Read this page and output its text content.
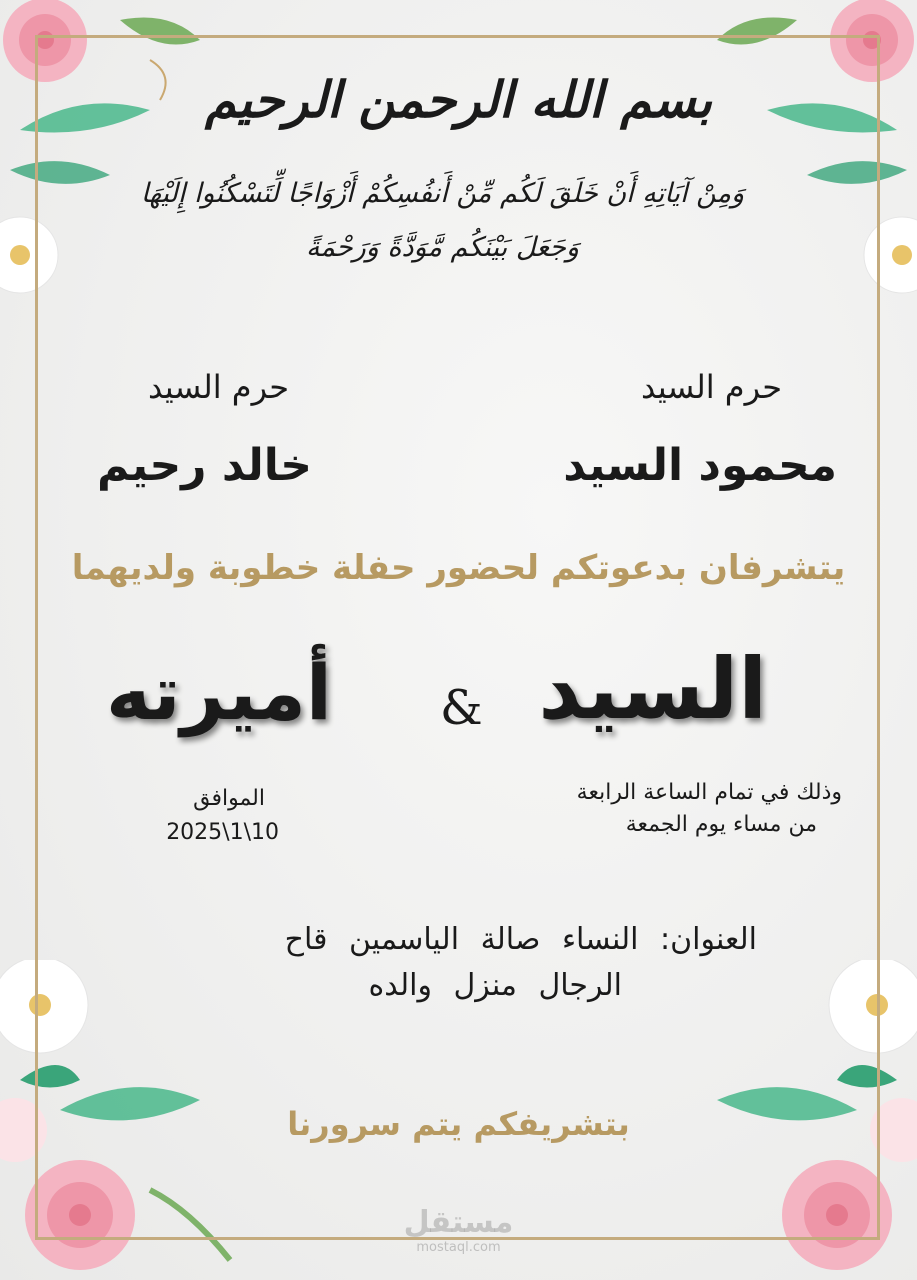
بسم الله الرحمن الرحيم
وَمِنْ آيَاتِهِ أَنْ خَلَقَ لَكُم مِّنْ أَنفُسِكُمْ أَزْوَاجًا لِّتَسْكُنُوا إِلَيْهَا
وَجَعَلَ بَيْنَكُم مَّوَدَّةً وَرَحْمَةً
حرم السيد
حرم السيد
محمود السيد
خالد رحيم
يتشرفان بدعوتكم لحضور حفلة خطوبة ولديهما
السيد
&
أميرته
وذلك في تمام الساعة الرابعة
من مساء يوم الجمعة
الموافق
2025\1\10
العنوان: النساء صالة الياسمين قاح
الرجال منزل والده
بتشريفكم يتم سرورنا
مستقل
mostaql.com
